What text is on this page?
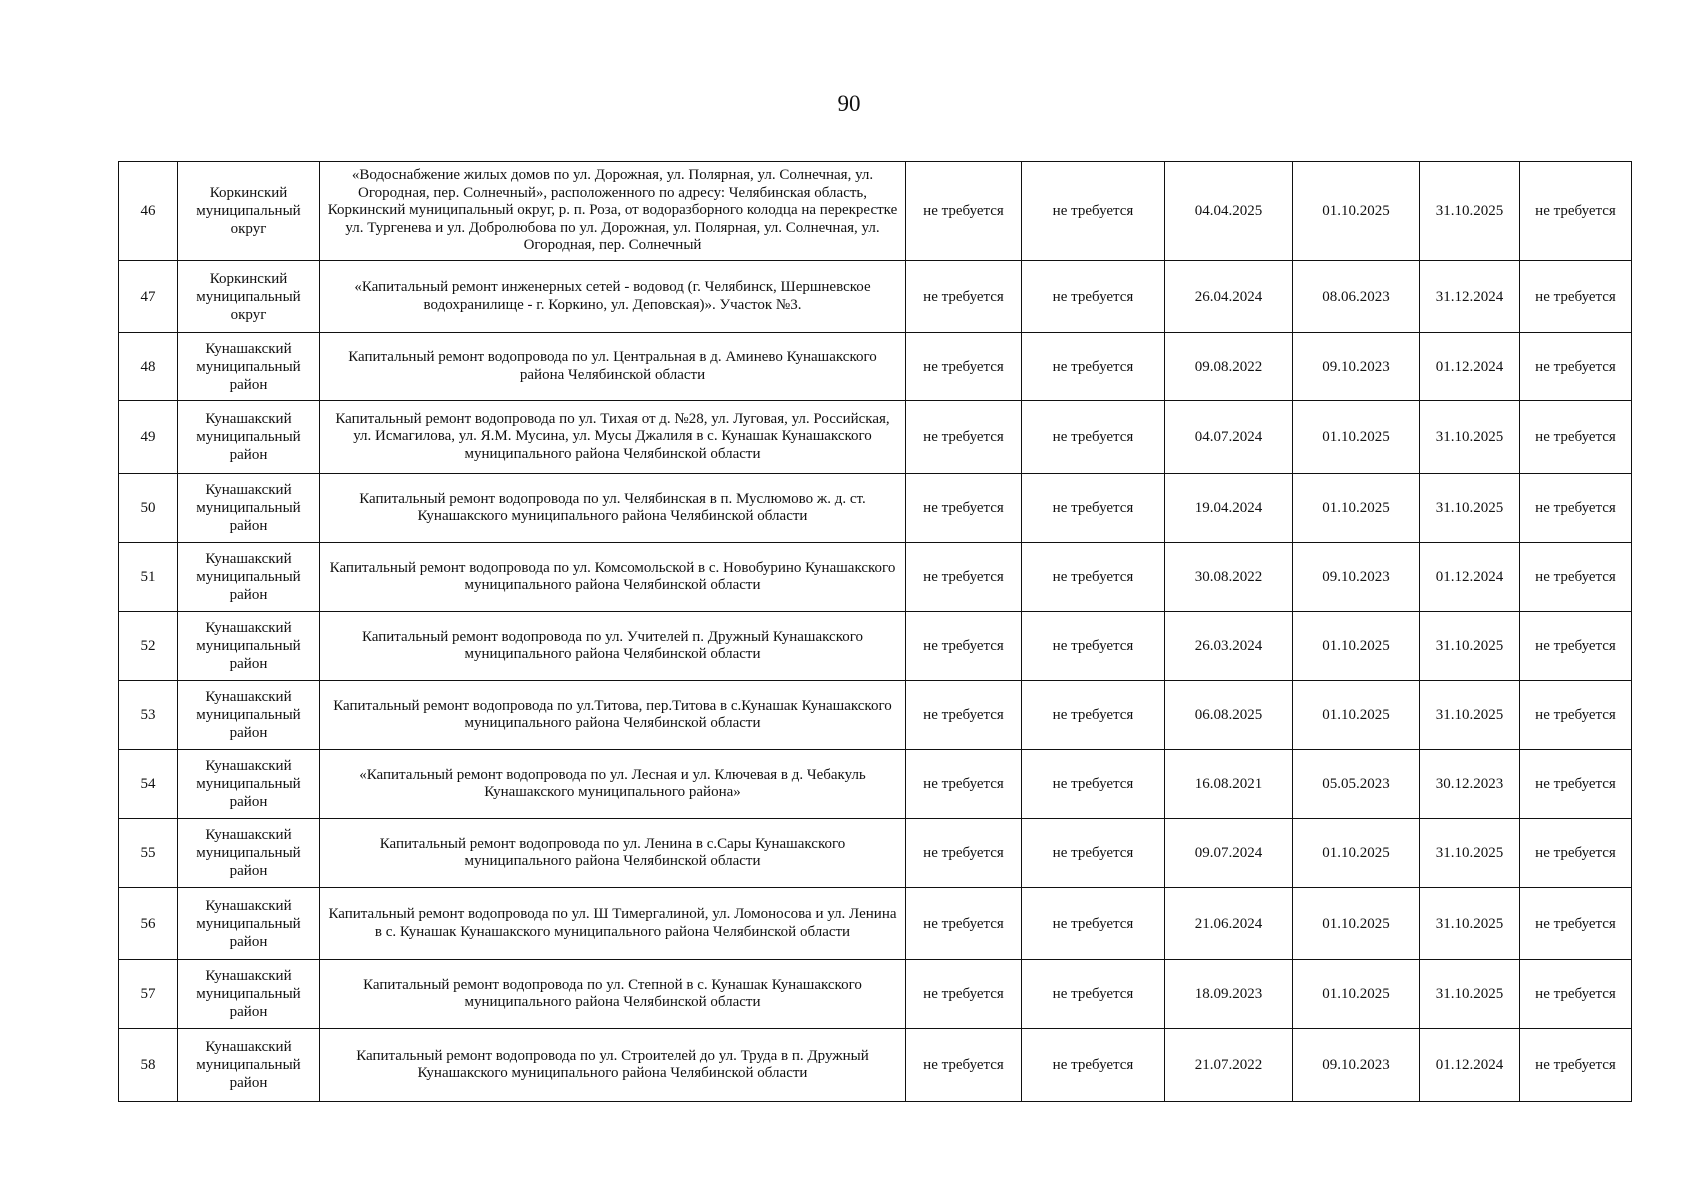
90
46	Коркинский муниципальный округ	«Водоснабжение жилых домов по ул. Дорожная, ул. Полярная, ул. Солнечная, ул. Огородная, пер. Солнечный», расположенного по адресу: Челябинская область, Коркинский муниципальный округ, р. п. Роза, от водоразборного колодца на перекрестке ул. Тургенева и ул. Добролюбова по ул. Дорожная, ул. Полярная, ул. Солнечная, ул. Огородная, пер. Солнечный	не требуется	не требуется	04.04.2025	01.10.2025	31.10.2025	не требуется
47	Коркинский муниципальный округ	«Капитальный ремонт инженерных сетей - водовод (г. Челябинск, Шершневское водохранилище - г. Коркино, ул. Деповская)». Участок №3.	не требуется	не требуется	26.04.2024	08.06.2023	31.12.2024	не требуется
48	Кунашакский муниципальный район	Капитальный ремонт водопровода по ул. Центральная в д. Аминево Кунашакского района Челябинской области	не требуется	не требуется	09.08.2022	09.10.2023	01.12.2024	не требуется
49	Кунашакский муниципальный район	Капитальный ремонт водопровода по ул. Тихая от д. №28, ул. Луговая, ул. Российская, ул. Исмагилова, ул. Я.М. Мусина, ул. Мусы Джалиля в с. Кунашак Кунашакского муниципального района Челябинской области	не требуется	не требуется	04.07.2024	01.10.2025	31.10.2025	не требуется
50	Кунашакский муниципальный район	Капитальный ремонт водопровода по ул. Челябинская в п. Муслюмово ж. д. ст. Кунашакского муниципального района Челябинской области	не требуется	не требуется	19.04.2024	01.10.2025	31.10.2025	не требуется
51	Кунашакский муниципальный район	Капитальный ремонт водопровода по ул. Комсомольской в с. Новобурино Кунашакского муниципального района Челябинской области	не требуется	не требуется	30.08.2022	09.10.2023	01.12.2024	не требуется
52	Кунашакский муниципальный район	Капитальный ремонт водопровода по ул. Учителей п. Дружный Кунашакского муниципального района Челябинской области	не требуется	не требуется	26.03.2024	01.10.2025	31.10.2025	не требуется
53	Кунашакский муниципальный район	Капитальный ремонт водопровода по ул.Титова, пер.Титова в с.Кунашак Кунашакского муниципального района Челябинской области	не требуется	не требуется	06.08.2025	01.10.2025	31.10.2025	не требуется
54	Кунашакский муниципальный район	«Капитальный ремонт водопровода по ул. Лесная и ул. Ключевая в д. Чебакуль Кунашакского муниципального района»	не требуется	не требуется	16.08.2021	05.05.2023	30.12.2023	не требуется
55	Кунашакский муниципальный район	Капитальный ремонт водопровода по ул. Ленина в с.Сары Кунашакского муниципального района Челябинской области	не требуется	не требуется	09.07.2024	01.10.2025	31.10.2025	не требуется
56	Кунашакский муниципальный район	Капитальный ремонт водопровода по ул. Ш Тимергалиной, ул. Ломоносова и ул. Ленина в с. Кунашак Кунашакского муниципального района Челябинской области	не требуется	не требуется	21.06.2024	01.10.2025	31.10.2025	не требуется
57	Кунашакский муниципальный район	Капитальный ремонт водопровода по ул. Степной в с. Кунашак Кунашакского муниципального района Челябинской области	не требуется	не требуется	18.09.2023	01.10.2025	31.10.2025	не требуется
58	Кунашакский муниципальный район	Капитальный ремонт водопровода по ул. Строителей до ул. Труда в п. Дружный Кунашакского муниципального района Челябинской области	не требуется	не требуется	21.07.2022	09.10.2023	01.12.2024	не требуется
